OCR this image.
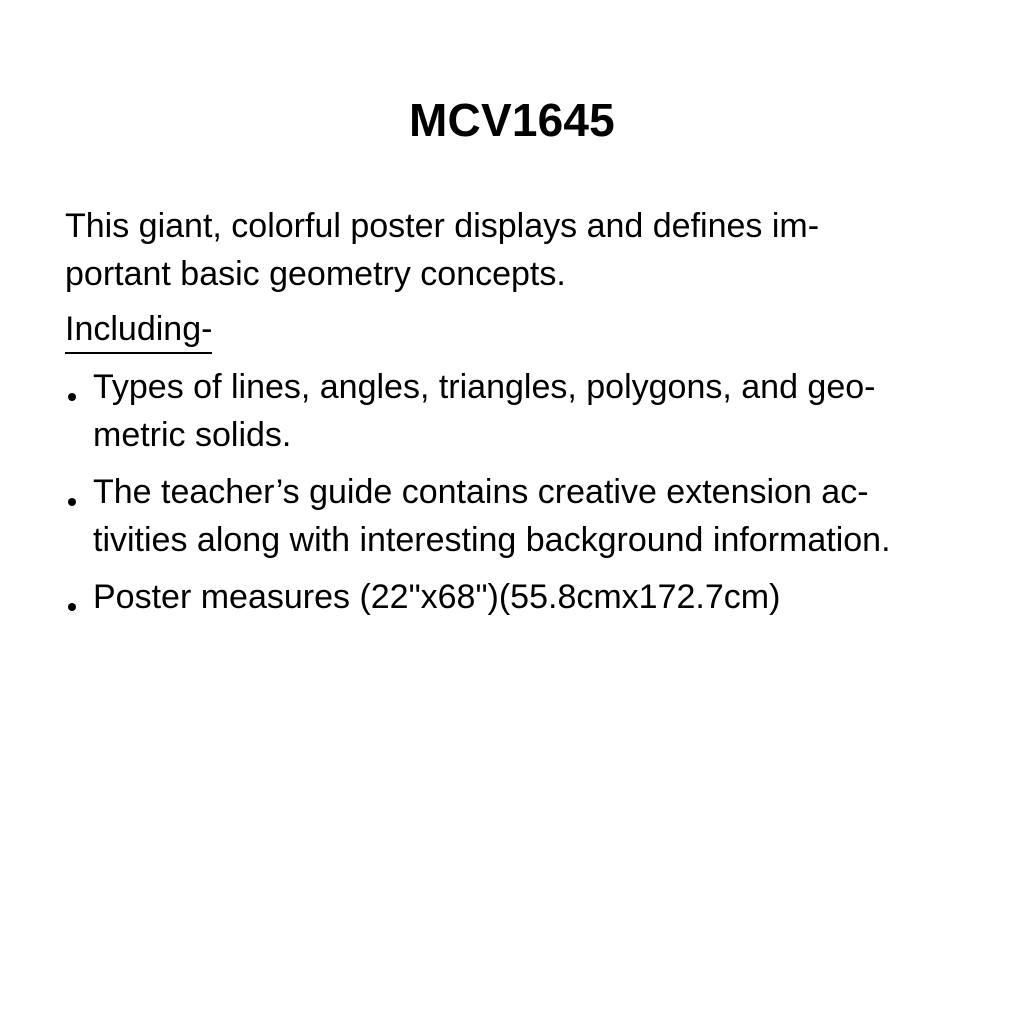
MCV1645

This giant, colorful poster displays and defines im-
portant basic geometry concepts.

Including-

Types of lines, angles, triangles, polygons, and geo-
metric solids.
The teacher’s guide contains creative extension ac-
tivities along with interesting background information.
Poster measures (22"x68")(55.8cmx172.7cm)
